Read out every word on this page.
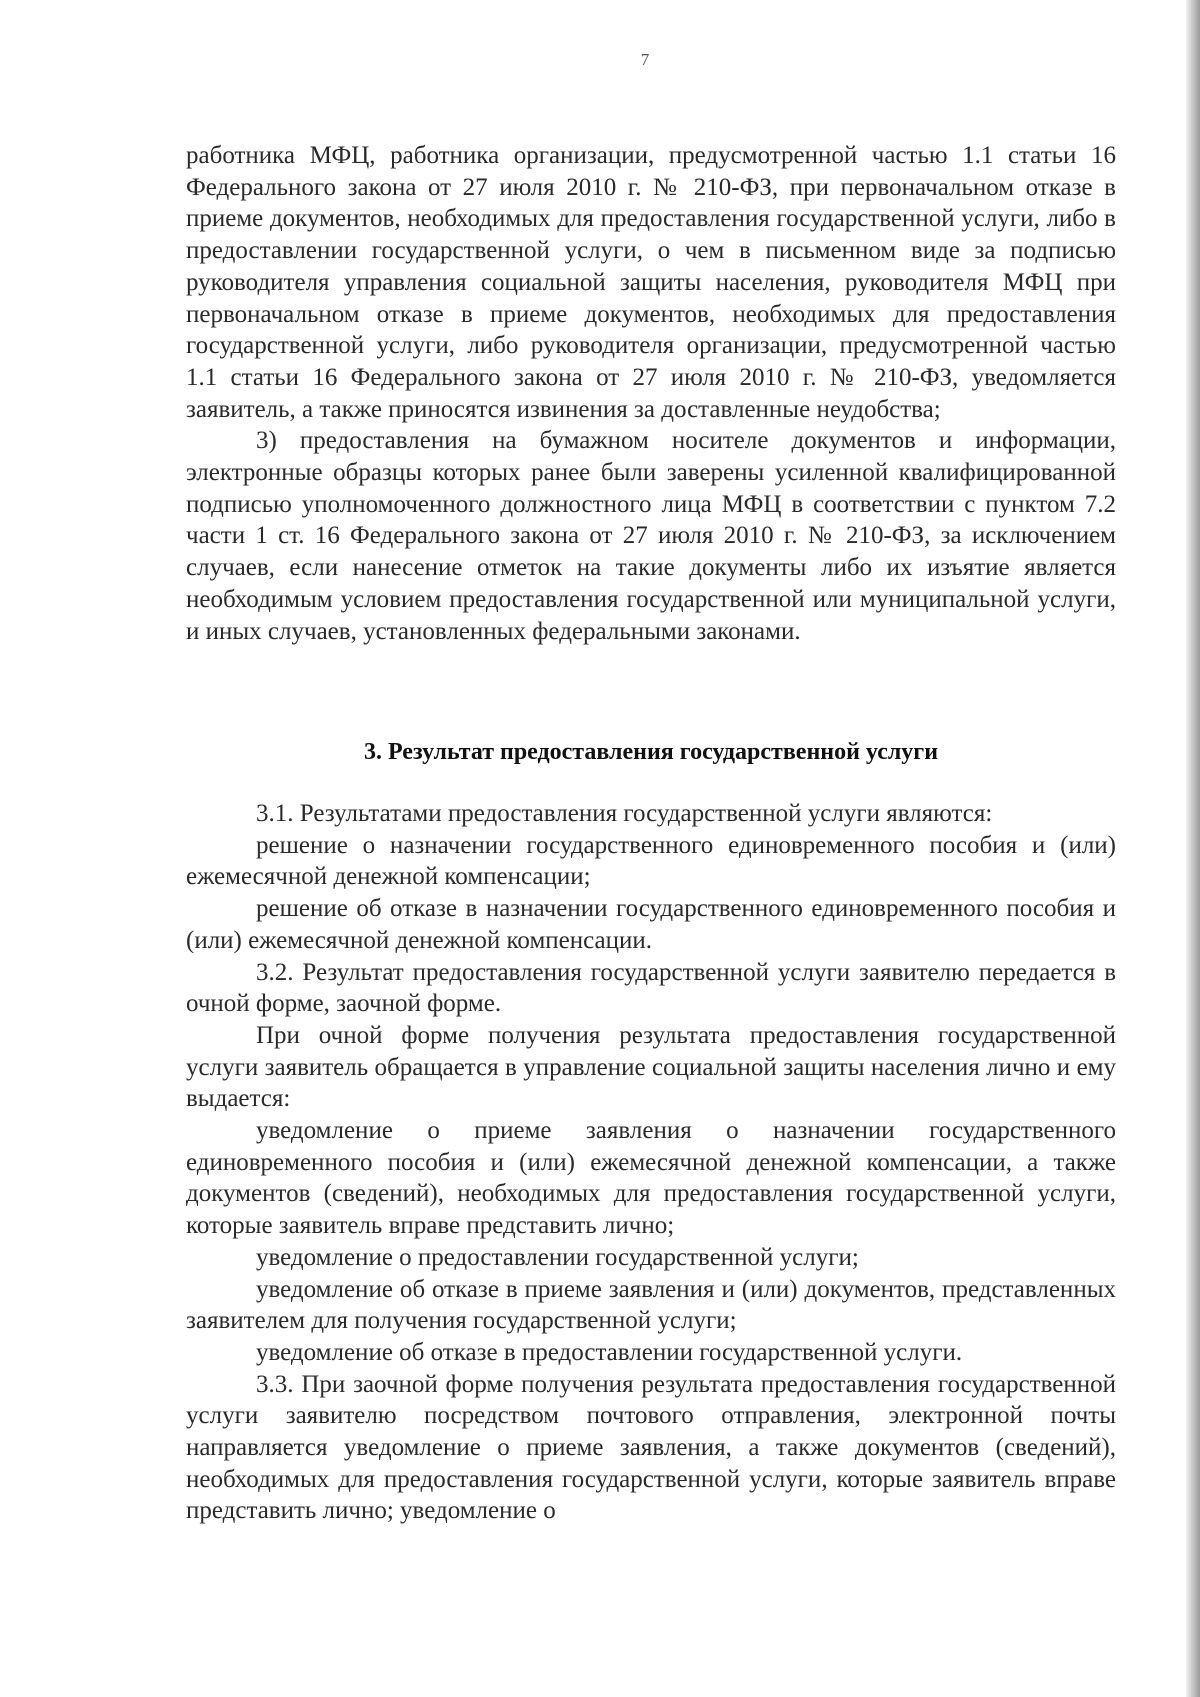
7

работника МФЦ, работника организации, предусмотренной частью 1.1 статьи 16 Федерального закона от 27 июля 2010 г. № 210-ФЗ, при первоначальном отказе в приеме документов, необходимых для предоставления государственной услуги, либо в предоставлении государственной услуги, о чем в письменном виде за подписью руководителя управления социальной защиты населения, руководителя МФЦ при первоначальном отказе в приеме документов, необходимых для предоставления государственной услуги, либо руководителя организации, предусмотренной частью 1.1 статьи 16 Федерального закона от 27 июля 2010 г. № 210-ФЗ, уведомляется заявитель, а также приносятся извинения за доставленные неудобства;

3) предоставления на бумажном носителе документов и информации, электронные образцы которых ранее были заверены усиленной квалифицированной подписью уполномоченного должностного лица МФЦ в соответствии с пунктом 7.2 части 1 ст. 16 Федерального закона от 27 июля 2010 г. № 210-ФЗ, за исключением случаев, если нанесение отметок на такие документы либо их изъятие является необходимым условием предоставления государственной или муниципальной услуги, и иных случаев, установленных федеральными законами.

3. Результат предоставления государственной услуги

3.1. Результатами предоставления государственной услуги являются:

решение о назначении государственного единовременного пособия и (или) ежемесячной денежной компенсации;

решение об отказе в назначении государственного единовременного пособия и (или) ежемесячной денежной компенсации.

3.2. Результат предоставления государственной услуги заявителю передается в очной форме, заочной форме.

При очной форме получения результата предоставления государственной услуги заявитель обращается в управление социальной защиты населения лично и ему выдается:

уведомление о приеме заявления о назначении государственного единовременного пособия и (или) ежемесячной денежной компенсации, а также документов (сведений), необходимых для предоставления государственной услуги, которые заявитель вправе представить лично;

уведомление о предоставлении государственной услуги;

уведомление об отказе в приеме заявления и (или) документов, представленных заявителем для получения государственной услуги;

уведомление об отказе в предоставлении государственной услуги.

3.3. При заочной форме получения результата предоставления государственной услуги заявителю посредством почтового отправления, электронной почты направляется уведомление о приеме заявления, а также документов (сведений), необходимых для предоставления государственной услуги, которые заявитель вправе представить лично; уведомление о
